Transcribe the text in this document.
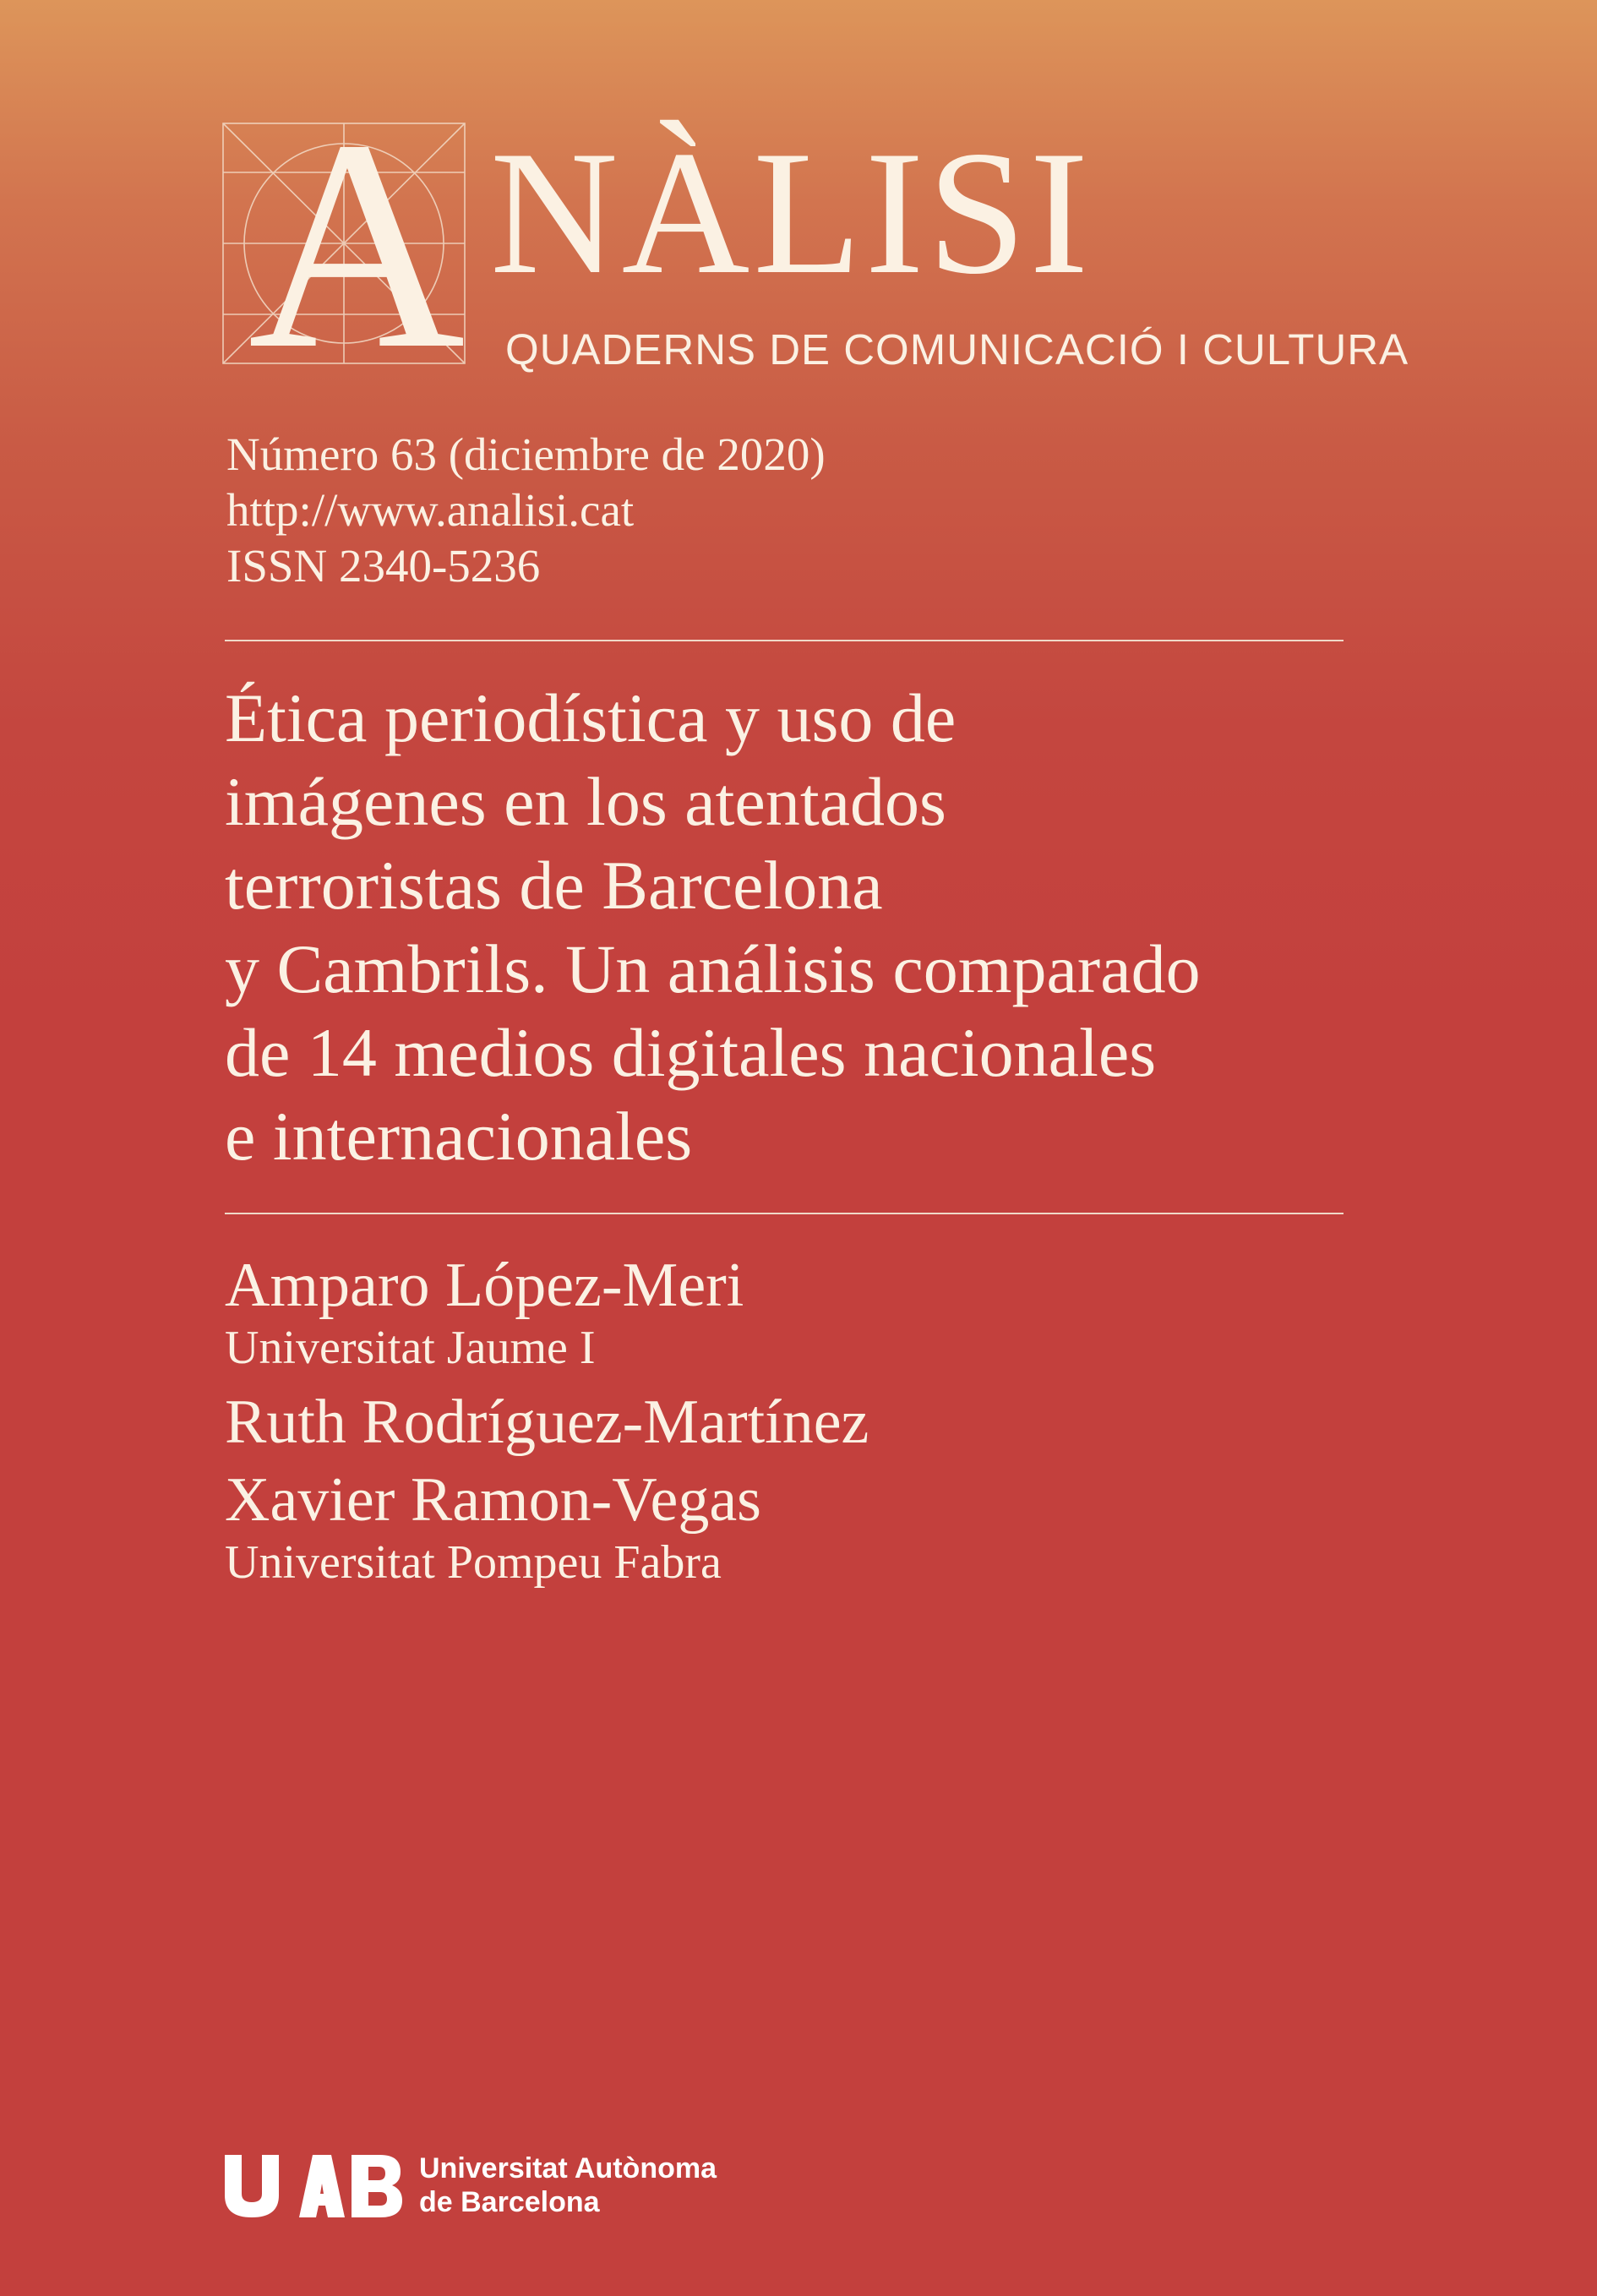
A NÀLISI
QUADERNS DE COMUNICACIÓ I CULTURA
Número 63 (diciembre de 2020)
http://www.analisi.cat
ISSN 2340-5236
Ética periodística y uso de
imágenes en los atentados
terroristas de Barcelona
y Cambrils. Un análisis comparado
de 14 medios digitales nacionales
e internacionales
Amparo López-Meri
Universitat Jaume I
Ruth Rodríguez-Martínez
Xavier Ramon-Vegas
Universitat Pompeu Fabra
Universitat Autònoma
de Barcelona
